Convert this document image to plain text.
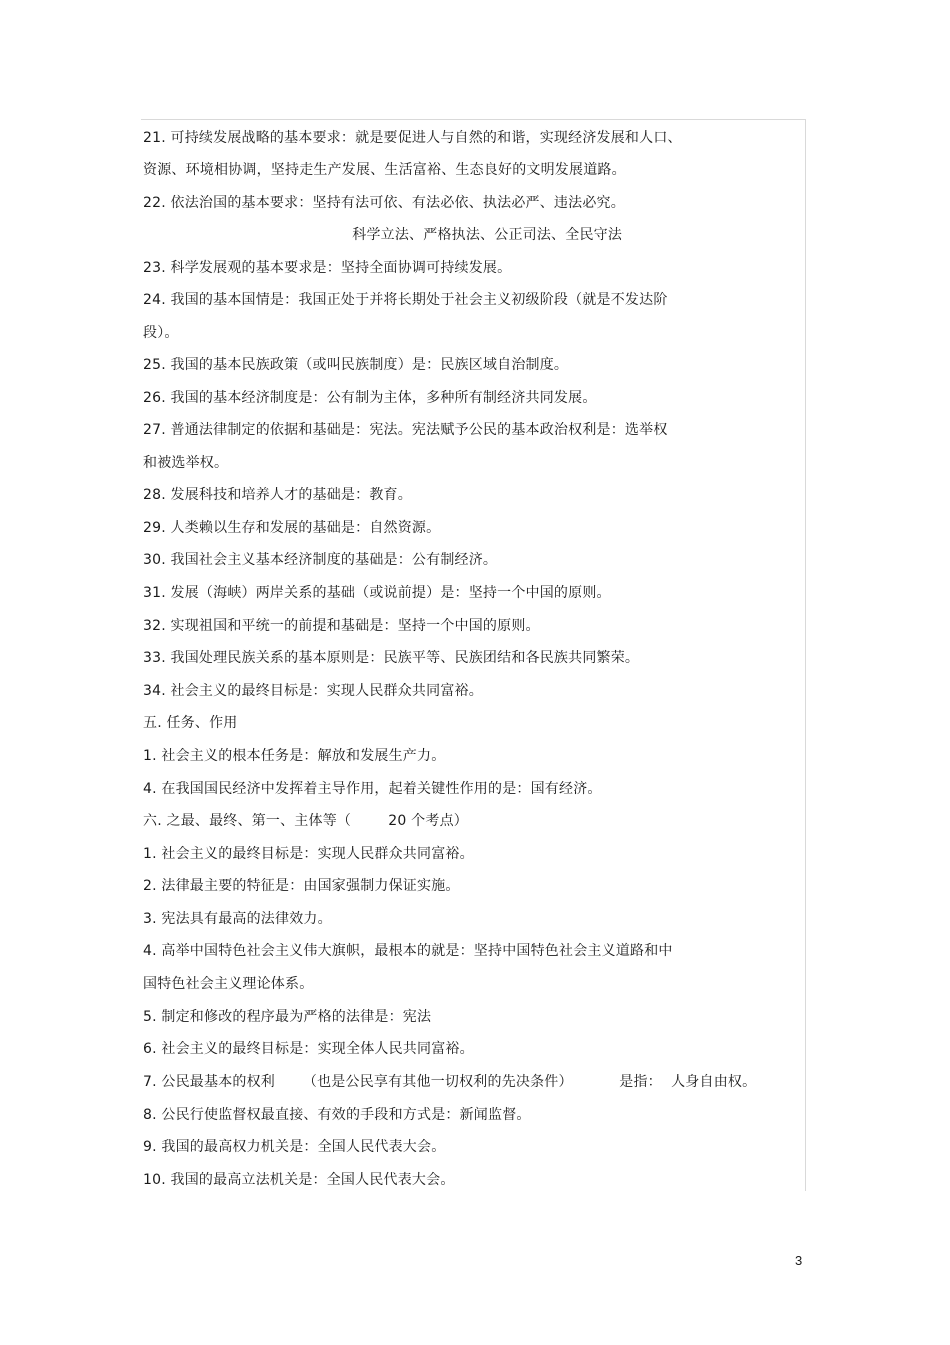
21. 可持续发展战略的基本要求：就是要促进人与自然的和谐，实现经济发展和人口、
资源、环境相协调，坚持走生产发展、生活富裕、生态良好的文明发展道路。
22. 依法治国的基本要求：坚持有法可依、有法必依、执法必严、违法必究。
科学立法、严格执法、公正司法、全民守法
23. 科学发展观的基本要求是：坚持全面协调可持续发展。
24. 我国的基本国情是：我国正处于并将长期处于社会主义初级阶段（就是不发达阶
段）。
25. 我国的基本民族政策（或叫民族制度）是：民族区域自治制度。
26. 我国的基本经济制度是：公有制为主体，多种所有制经济共同发展。
27. 普通法律制定的依据和基础是：宪法。宪法赋予公民的基本政治权利是：选举权
和被选举权。
28. 发展科技和培养人才的基础是：教育。
29. 人类赖以生存和发展的基础是：自然资源。
30. 我国社会主义基本经济制度的基础是：公有制经济。
31. 发展（海峡）两岸关系的基础（或说前提）是：坚持一个中国的原则。
32. 实现祖国和平统一的前提和基础是：坚持一个中国的原则。
33. 我国处理民族关系的基本原则是：民族平等、民族团结和各民族共同繁荣。
34. 社会主义的最终目标是：实现人民群众共同富裕。
五. 任务、作用
1. 社会主义的根本任务是：解放和发展生产力。
4. 在我国国民经济中发挥着主导作用，起着关键性作用的是：国有经济。
六. 之最、最终、第一、主体等（        20 个考点）
1. 社会主义的最终目标是：实现人民群众共同富裕。
2. 法律最主要的特征是：由国家强制力保证实施。
3. 宪法具有最高的法律效力。
4. 高举中国特色社会主义伟大旗帜，最根本的就是：坚持中国特色社会主义道路和中
国特色社会主义理论体系。
5. 制定和修改的程序最为严格的法律是：宪法
6. 社会主义的最终目标是：实现全体人民共同富裕。
7. 公民最基本的权利      （也是公民享有其他一切权利的先决条件）          是指：  人身自由权。
8. 公民行使监督权最直接、有效的手段和方式是：新闻监督。
9. 我国的最高权力机关是：全国人民代表大会。
10. 我国的最高立法机关是：全国人民代表大会。
3
